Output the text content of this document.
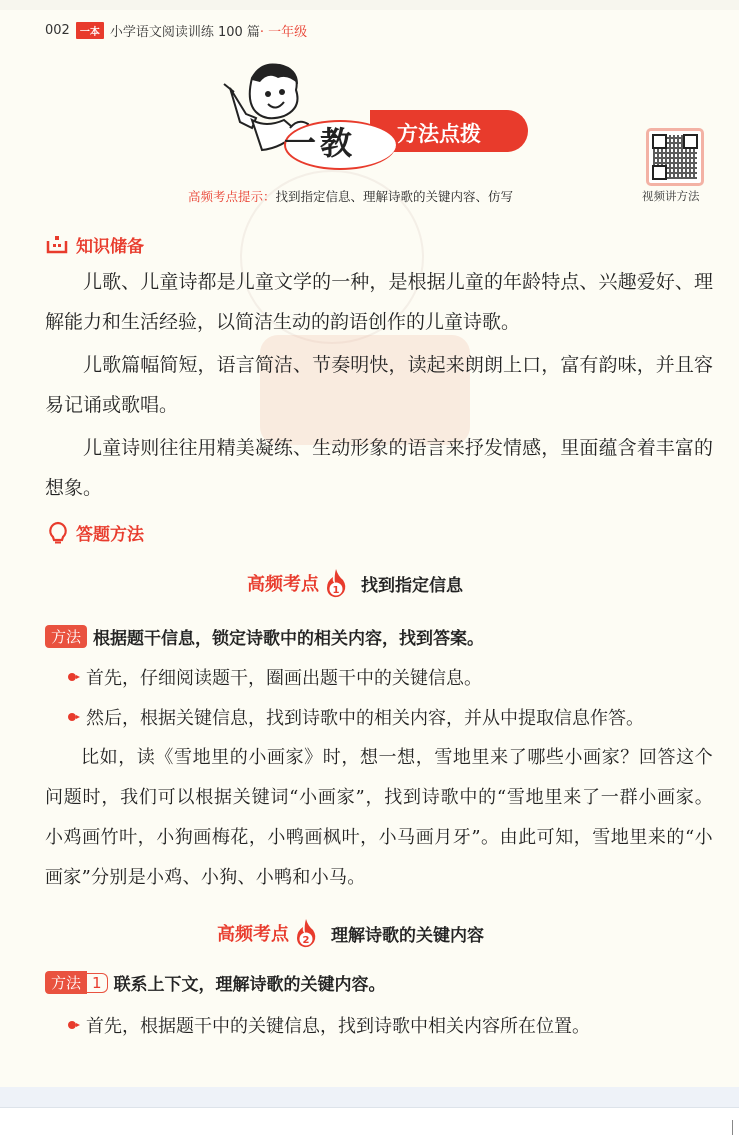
002	一本 小学语文阅读训练 100 篇 · 一年级
一教 方法点拨
高频考点提示：找到指定信息、理解诗歌的关键内容、仿写	视频讲方法
知识储备

儿歌、儿童诗都是儿童文学的一种，是根据儿童的年龄特点、兴趣爱好、理解能力和生活经验，以简洁生动的韵语创作的儿童诗歌。

儿歌篇幅简短，语言简洁、节奏明快，读起来朗朗上口，富有韵味，并且容易记诵或歌唱。

儿童诗则往往用精美凝练、生动形象的语言来抒发情感，里面蕴含着丰富的想象。

答题方法
高频考点 1 找到指定信息
方法 根据题干信息，锁定诗歌中的相关内容，找到答案。
首先，仔细阅读题干，圈画出题干中的关键信息。
然后，根据关键信息，找到诗歌中的相关内容，并从中提取信息作答。

比如，读《雪地里的小画家》时，想一想，雪地里来了哪些小画家？回答这个问题时，我们可以根据关键词“小画家”，找到诗歌中的“雪地里来了一群小画家。小鸡画竹叶，小狗画梅花，小鸭画枫叶，小马画月牙”。由此可知，雪地里来的“小画家”分别是小鸡、小狗、小鸭和小马。

高频考点 2 理解诗歌的关键内容
方法 1 联系上下文，理解诗歌的关键内容。
首先，根据题干中的关键信息，找到诗歌中相关内容所在位置。
